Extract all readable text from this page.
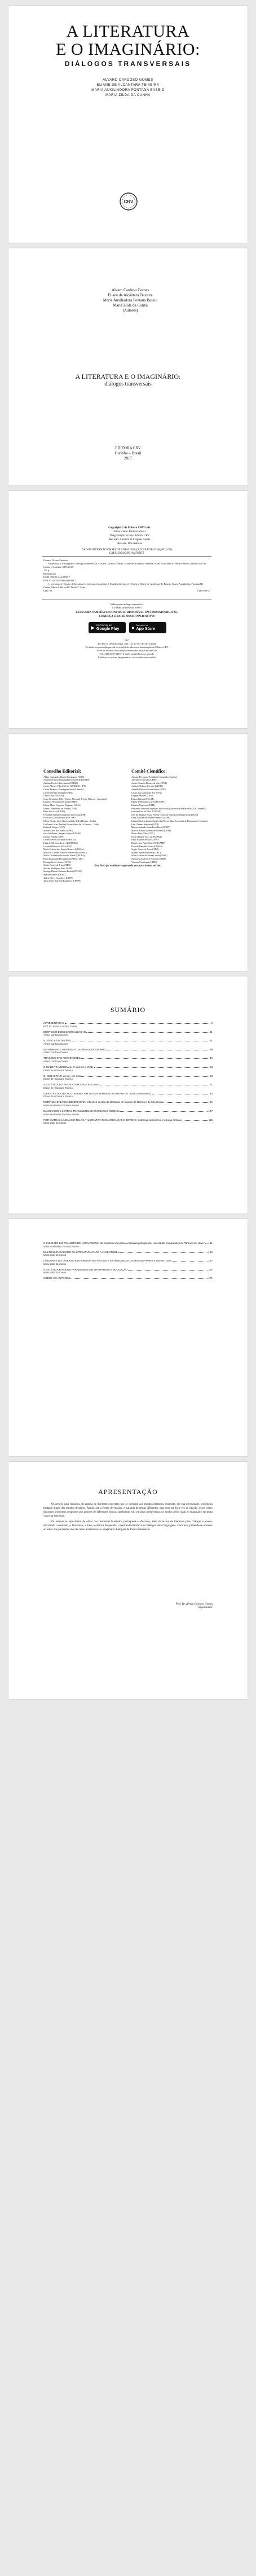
A LITERATURA
E O IMAGINÁRIO:
DIÁLOGOS TRANSVERSAIS
ALVARO CARDOSO GOMES
ELIANE DE ALCANTARA TEIXEIRA
MARIA AUXILIADORA FONTANA BASEIO
MARIA ZILDA DA CUNHA
CRV
Alvaro Cardoso Gomes
Eliane de Alcântara Teixeira
Maria Auxiliadora Fontana Baseio
Maria Zilda da Cunha
(Autores)
A LITERATURA E O IMAGINÁRIO:
diálogos transversais
EDITORA CRV
Curitiba – Brasil
2017
Copyright © da Editora CRV Ltda.
Editor-chefe: Railson Moura
Diagramação e Capa: Editora CRV
Revisão: Analista de Línguas Gerais
Revisão: Dos Autores
DADOS INTERNACIONAIS DE CATALOGAÇÃO NA PUBLICAÇÃO (CIP)
CATALOGAÇÃO NA FONTE
Gomes, Alvaro Cardoso
A literatura e o imaginário: diálogos transversais / Alvaro Cardoso Gomes, Eliane de Alcântara Teixeira, Maria Auxiliadora Fontana Baseio, Maria Zilda da Cunha – Curitiba: CRV, 2017.
172 p.
Bibliografia
ISBN 978-85-444-2000-7
DOI 10.24824/978854442000.7
1. Literatura 2. Ensino de literatura 3. Literatura brasileira 4. Estudos literários I. Teixeira, Eliane de Alcântara. II. Baseio, Maria Auxiliadora Fontana III. Cunha, Maria Zilda da IV. Título V. Série
CDU 82	CDD 809.07
Índice para catálogo sistemático
1. Ensino de literatura 809.07
ESTA OBRA TAMBÉM ENCONTRA-SE DISPONÍVEL EM FORMATO DIGITAL.
CONHEÇA E BAIXE NOSSO APLICATIVO!
▶ DISPONÍVEL NO
Google Play ● Disponível na
App Store
2017
Foi feito o depósito legal conf. Lei 10.994 de 14/12/2004
Proibida a reprodução parcial ou total desta obra sem autorização da Editora CRV
Todos os direitos desta edição reservados pela: Editora CRV
Tel.: (41) 3039-6418 - E-mail: sac@editoracrv.com.br
Conheça os nossos lançamentos: www.editoracrv.com.br
Conselho Editorial:
Aldira Guimarães Duarte Domínguez (UNB)
Andréia da Silva Quintanilha Sousa (UNIR/UFRN)
Antônio Pereira Gaio Júnior (UFRRJ)
Carlos Alberto Vilar Estêvão (UMINHO – PT)
Carlos Federico Dominguez Avila (Unieuro)
Carmen Tereza Velanga (UNIR)
Celso Conti (UFSCar)
Cesar Gerónimo Tello (Univer. Nacional Três de Febrero – Argentina)
Eduardo Fernandes Barbosa (UFMG)
Elione Maria Nogueira Diogenes (UFAL)
Elizeu Clementino de Souza (UNEB)
Élsio José Corá (UFFS)
Fernando Antônio Gonçalves Alcoforado (IPB)
Francisco Carlos Duarte (PUC-PR)
Gloria Fariñas León (Universidade de La Havana – Cuba)
Guillermo Arias Beatón (Universidade de La Havana – Cuba)
Helmuth Krüger (UCP)
Jailson Alves dos Santos (UFRJ)
João Adalberto Campato Junior (UNESP)
Josania Portela (UFPI)
Leonel Severo Rocha (UNISINOS)
Lídia de Oliveira Xavier (UNIEURO)
Lourdes Helena da Silva (UFV)
Maria Cristina dos Santos Bezerra (UFSCar)
Maria de Lourdes Pinto de Almeida (UNOESC)
Maria Lília Imbiriba Sousa Colares (UFOPA)
Paulo Romualdo Hernandes (UNIFAL-MG)
Rodrigo Pratte-Santos (UFES)
Sérgio Nunes de Jesus (IFRO)
Simone Rodrigues Pinto (UNB)
Solange Helena Ximenes-Rocha (UFOPA)
Sydione Santos (UEPG)
Tadeu Oliver Gonçalves (UFPA)
Tania Suely Azevedo Brasileiro (UFOPA)
Comitê Científico:
Adriane Piovezan (Faculdades Integradas Espírita)
Alexandre Pierezan (UFMS)
Andre Eduardo Ribeiro da Silva (IFSP)
Antônio Nolasco Ferreira (UFMT)
Arnaldo Oliveira Souza Júnior (UFPI)
Carlos Ugo Santander Joo (UFG)
Dagmar Manieri (UFT)
Edison Bariani (FCLAR)
Elizeu de Miranda Corrêa (PUC/SP)
Fauston Negreiros (UFPI)
Fernando Antonio Gonçalves Alcoforado (Universitat de Barcelona, UB, Espanha)
Giovani José da Silva (UNIFAP)
José de Ribamar Sousa Pereira (Exército Brasileiro/Ministério da Defesa)
Kelly Cristina de Souza Prudencio (UFPR)
Liliana Patrícia Lemus Sepúlveda (Universidad Academia de Humanismo Cristiano)
Luís Caetano Sequeira (UNB)
Marcia Andrade Santa Rosa Pires (UFMT)
Marcos Aurelio Guedes de Oliveira (UFPE)
Mauro Dias Filho (UFPI)
Oscar Hannes Tucci (UNESPAR)
Paulo Robson Peixoto (UFPI)
Renato Jose Pinto Ortiz (UNICAMP)
Ricardo Ramalho Vieira (UFRGS)
Sergio Nunes de Jesus (IFRO)
Silvana Aparecida Bretas (UEL)
Sílvio Marcus de Souza Correa (UFSC)
Suzana Gonçalves de Moraes (UFRR)
Vinicius Cavalcanti (UFPR)
Este livro foi avaliado e aprovado por pareceristas ad hoc.
SUMÁRIO
APRESENTAÇÃO	9
Prof. Dr. Alvaro Cardoso Gomes
EROTISMO E DESSACRALIZAÇÃO	11
Alvaro Cardoso Gomes
A LÓGICA DO DELÍRIO	21
Alvaro Cardoso Gomes
UM ROMANCE INTERSEXTUAL REVOLUCIONÁRIO	29
Alvaro Cardoso Gomes
TRAÇÕES DAS PERVERSÕES	39
Alvaro Cardoso Gomes
O MALDITO MEDIEVAL: O Vicente a Veste	53
Eliane de Alcântara Teixeira
O, SEBASTIÃO: um rei, um mito	63
Eliane de Alcântara Teixeira
A ESTÉTICA DO PECADO EM CRUZ E SOUSA	71
Eliane de Alcântara Teixeira
O FANTÁSTICO E O COTIDIANO: UM OLHAR SOBRE A CEGUEIRA DE JOSÉ SARAMAGO	83
Eliane de Alcântara Teixeira
ESTÉTICA DALÍRICA DE BRINCAR: reflexões acerca da literatura de Manoel de Barros e de Mia Couto	99
Maria Auxiliadora Fontana Baseio
IMAGINÁRIO E LETRAS TRANSVERSAIS EM MURILO RUBIÃO	107
Maria Auxiliadora Fontana Baseio
POR OUTRAS LÍNGUAS E TELAS A NARRATIVA PARA CRIANÇAS E JOVENS: sistemas semióticos e leituras críticas	115
Maria Zilda da Cunha
O INSÓLITO EM TRÂNSITO DE LINGUAGENS: da narrativa oral para a narrativa pictográfica: um estudo comparativo de “Branca de Neve” 131
Maria Auxiliadora Fontana Baseio
MULTICULTURALISMO NA LITERATURA PARA A JUVENTUDE	139
Maria Zilda da Cunha
LÍRIDURAS DO DIVERSO EM HORIZONTES ÉTICOS E ESTÉTICOS DA LITERATURA PARA A JUVENTUDE	147
Maria Zilda da Cunha
A ESTÉTICA E NOVOS PARADIGMAS EM LITERATURA E EDUCAÇÃO	157
Maria Zilda da Cunha
SOBRE OS AUTORES	171
APRESENTAÇÃO

Os artigos aqui reunidos, de autoria de diferentes docentes que se dedicam aos estudos literários, mostram, em sua diversidade, tendências bastante atuais dos estudos literários. Assim, sob a forma de ensaios, e tratando de temas diferentes, mas com um forte elo de ligação, esses textos discutem problemas propostos por autores de diferentes épocas, analisando sob variadas perspectivas os modos pelos quais o imaginário encontra vozes na literatura.

Os autores se aproximam de obras das literaturas brasileira, portuguesa e africanas, além de textos de literatura para crianças e jovens, discutindo o erotismo, o fantástico, o mito, a estética do pecado, o multiculturalismo e os diálogos entre linguagens. Com isso, pretende-se oferecer ao leitor um panorama vivo de como a literatura e o imaginário dialogam de forma transversal.

Prof. Dr. Alvaro Cardoso Gomes
Organizador
